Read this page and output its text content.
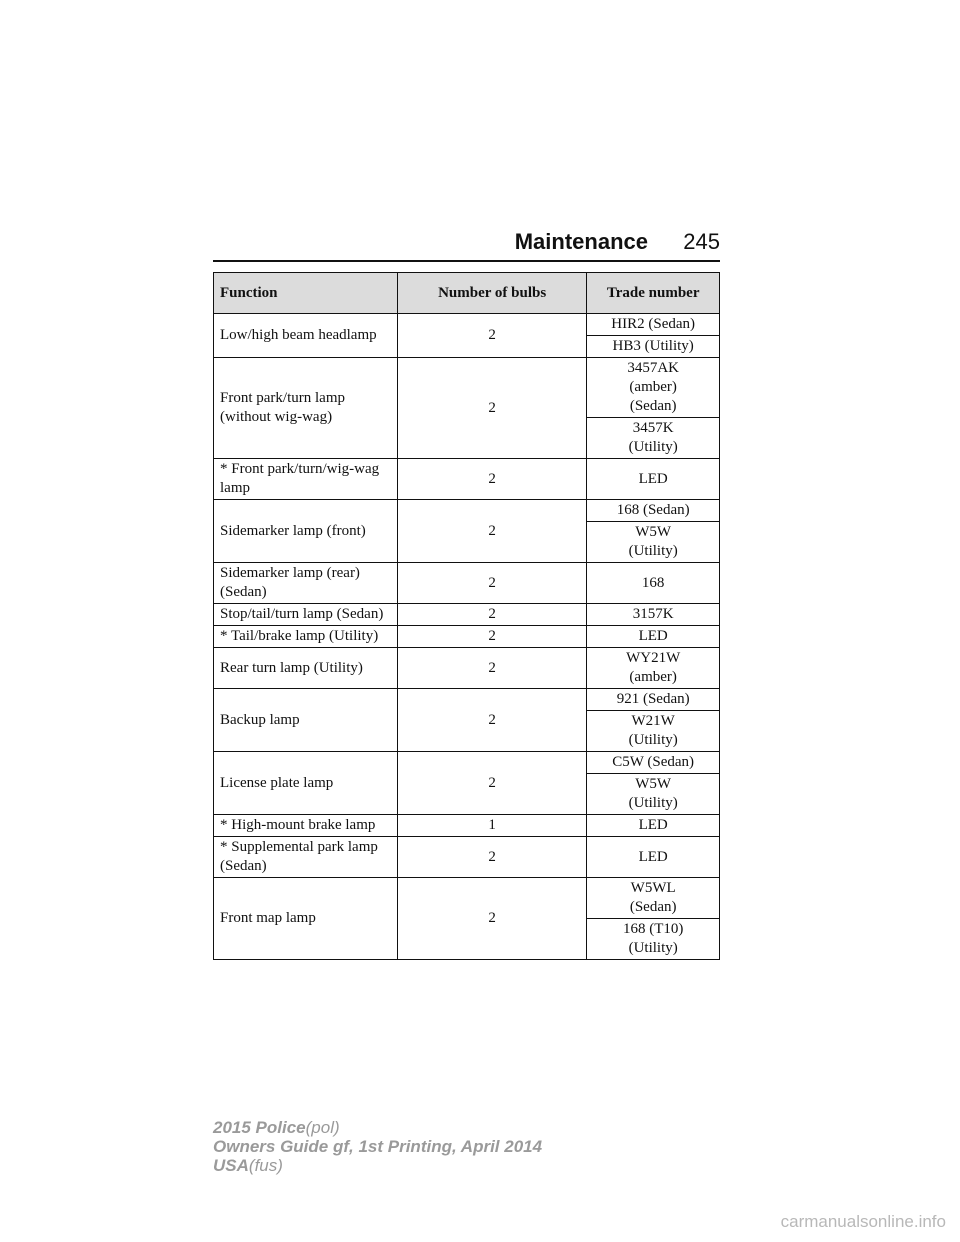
Maintenance 245
Function	Number of bulbs	Trade number
Low/high beam headlamp	2	HIR2 (Sedan)
		HB3 (Utility)
Front park/turn lamp (without wig-wag)	2	3457AK (amber) (Sedan)
		3457K (Utility)
* Front park/turn/wig-wag lamp	2	LED
Sidemarker lamp (front)	2	168 (Sedan)
		W5W (Utility)
Sidemarker lamp (rear) (Sedan)	2	168
Stop/tail/turn lamp (Sedan)	2	3157K
* Tail/brake lamp (Utility)	2	LED
Rear turn lamp (Utility)	2	WY21W (amber)
Backup lamp	2	921 (Sedan)
		W21W (Utility)
License plate lamp	2	C5W (Sedan)
		W5W (Utility)
* High-mount brake lamp	1	LED
* Supplemental park lamp (Sedan)	2	LED
Front map lamp	2	W5WL (Sedan)
		168 (T10) (Utility)
2015 Police(pol)
Owners Guide gf, 1st Printing, April 2014
USA(fus)
carmanualsonline.info
